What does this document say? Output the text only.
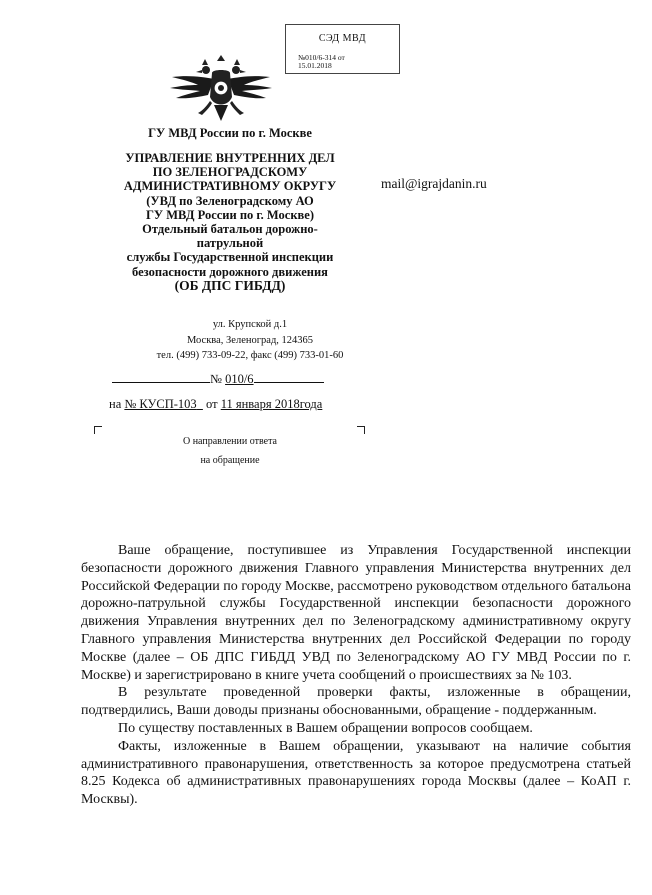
СЭД МВД
№010/6-314 от
15.01.2018
ГУ МВД России по г. Москве
УПРАВЛЕНИЕ ВНУТРЕННИХ ДЕЛ
ПО ЗЕЛЕНОГРАДСКОМУ
АДМИНИСТРАТИВНОМУ ОКРУГУ
(УВД по Зеленоградскому АО
ГУ МВД России по г. Москве)
Отдельный батальон дорожно-
патрульной
службы Государственной инспекции
безопасности дорожного движения
(ОБ ДПС ГИБДД)
mail@igrajdanin.ru
ул. Крупской д.1
Москва, Зеленоград, 124365
тел. (499) 733-09-22, факс (499) 733-01-60
№ 010/6
на № КУСП-103 от 11 января 2018года
О направлении ответа
на обращение

Ваше обращение, поступившее из Управления Государственной инспекции безопасности дорожного движения Главного управления Министерства внутренних дел Российской Федерации по городу Москве, рассмотрено руководством отдельного батальона дорожно-патрульной службы Государственной инспекции безопасности дорожного движения Управления внутренних дел по Зеленоградскому административному округу Главного управления Министерства внутренних дел Российской Федерации по городу Москве (далее – ОБ ДПС ГИБДД УВД по Зеленоградскому АО ГУ МВД России по г. Москве) и зарегистрировано в книге учета сообщений о происшествиях за № 103.

В результате проведенной проверки факты, изложенные в обращении, подтвердились, Ваши доводы признаны обоснованными, обращение - поддержанным.

По существу поставленных в Вашем обращении вопросов сообщаем.

Факты, изложенные в Вашем обращении, указывают на наличие события административного правонарушения, ответственность за которое предусмотрена статьей 8.25 Кодекса об административных правонарушениях города Москвы (далее – КоАП г. Москвы).
